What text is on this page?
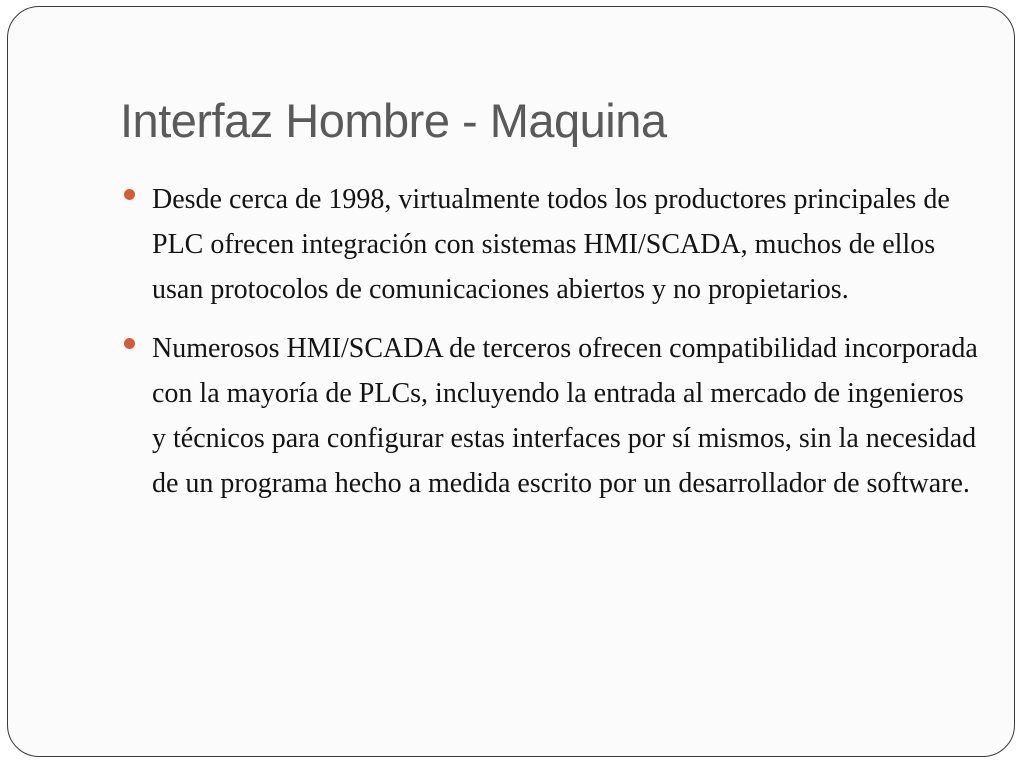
Interfaz Hombre - Maquina
Desde cerca de 1998, virtualmente todos los productores principales de PLC ofrecen integración con sistemas HMI/SCADA, muchos de ellos usan protocolos de comunicaciones abiertos y no propietarios.
Numerosos HMI/SCADA de terceros ofrecen compatibilidad incorporada con la mayoría de PLCs, incluyendo la entrada al mercado de ingenieros y técnicos para configurar estas interfaces por sí mismos, sin la necesidad de un programa hecho a medida escrito por un desarrollador de software.
